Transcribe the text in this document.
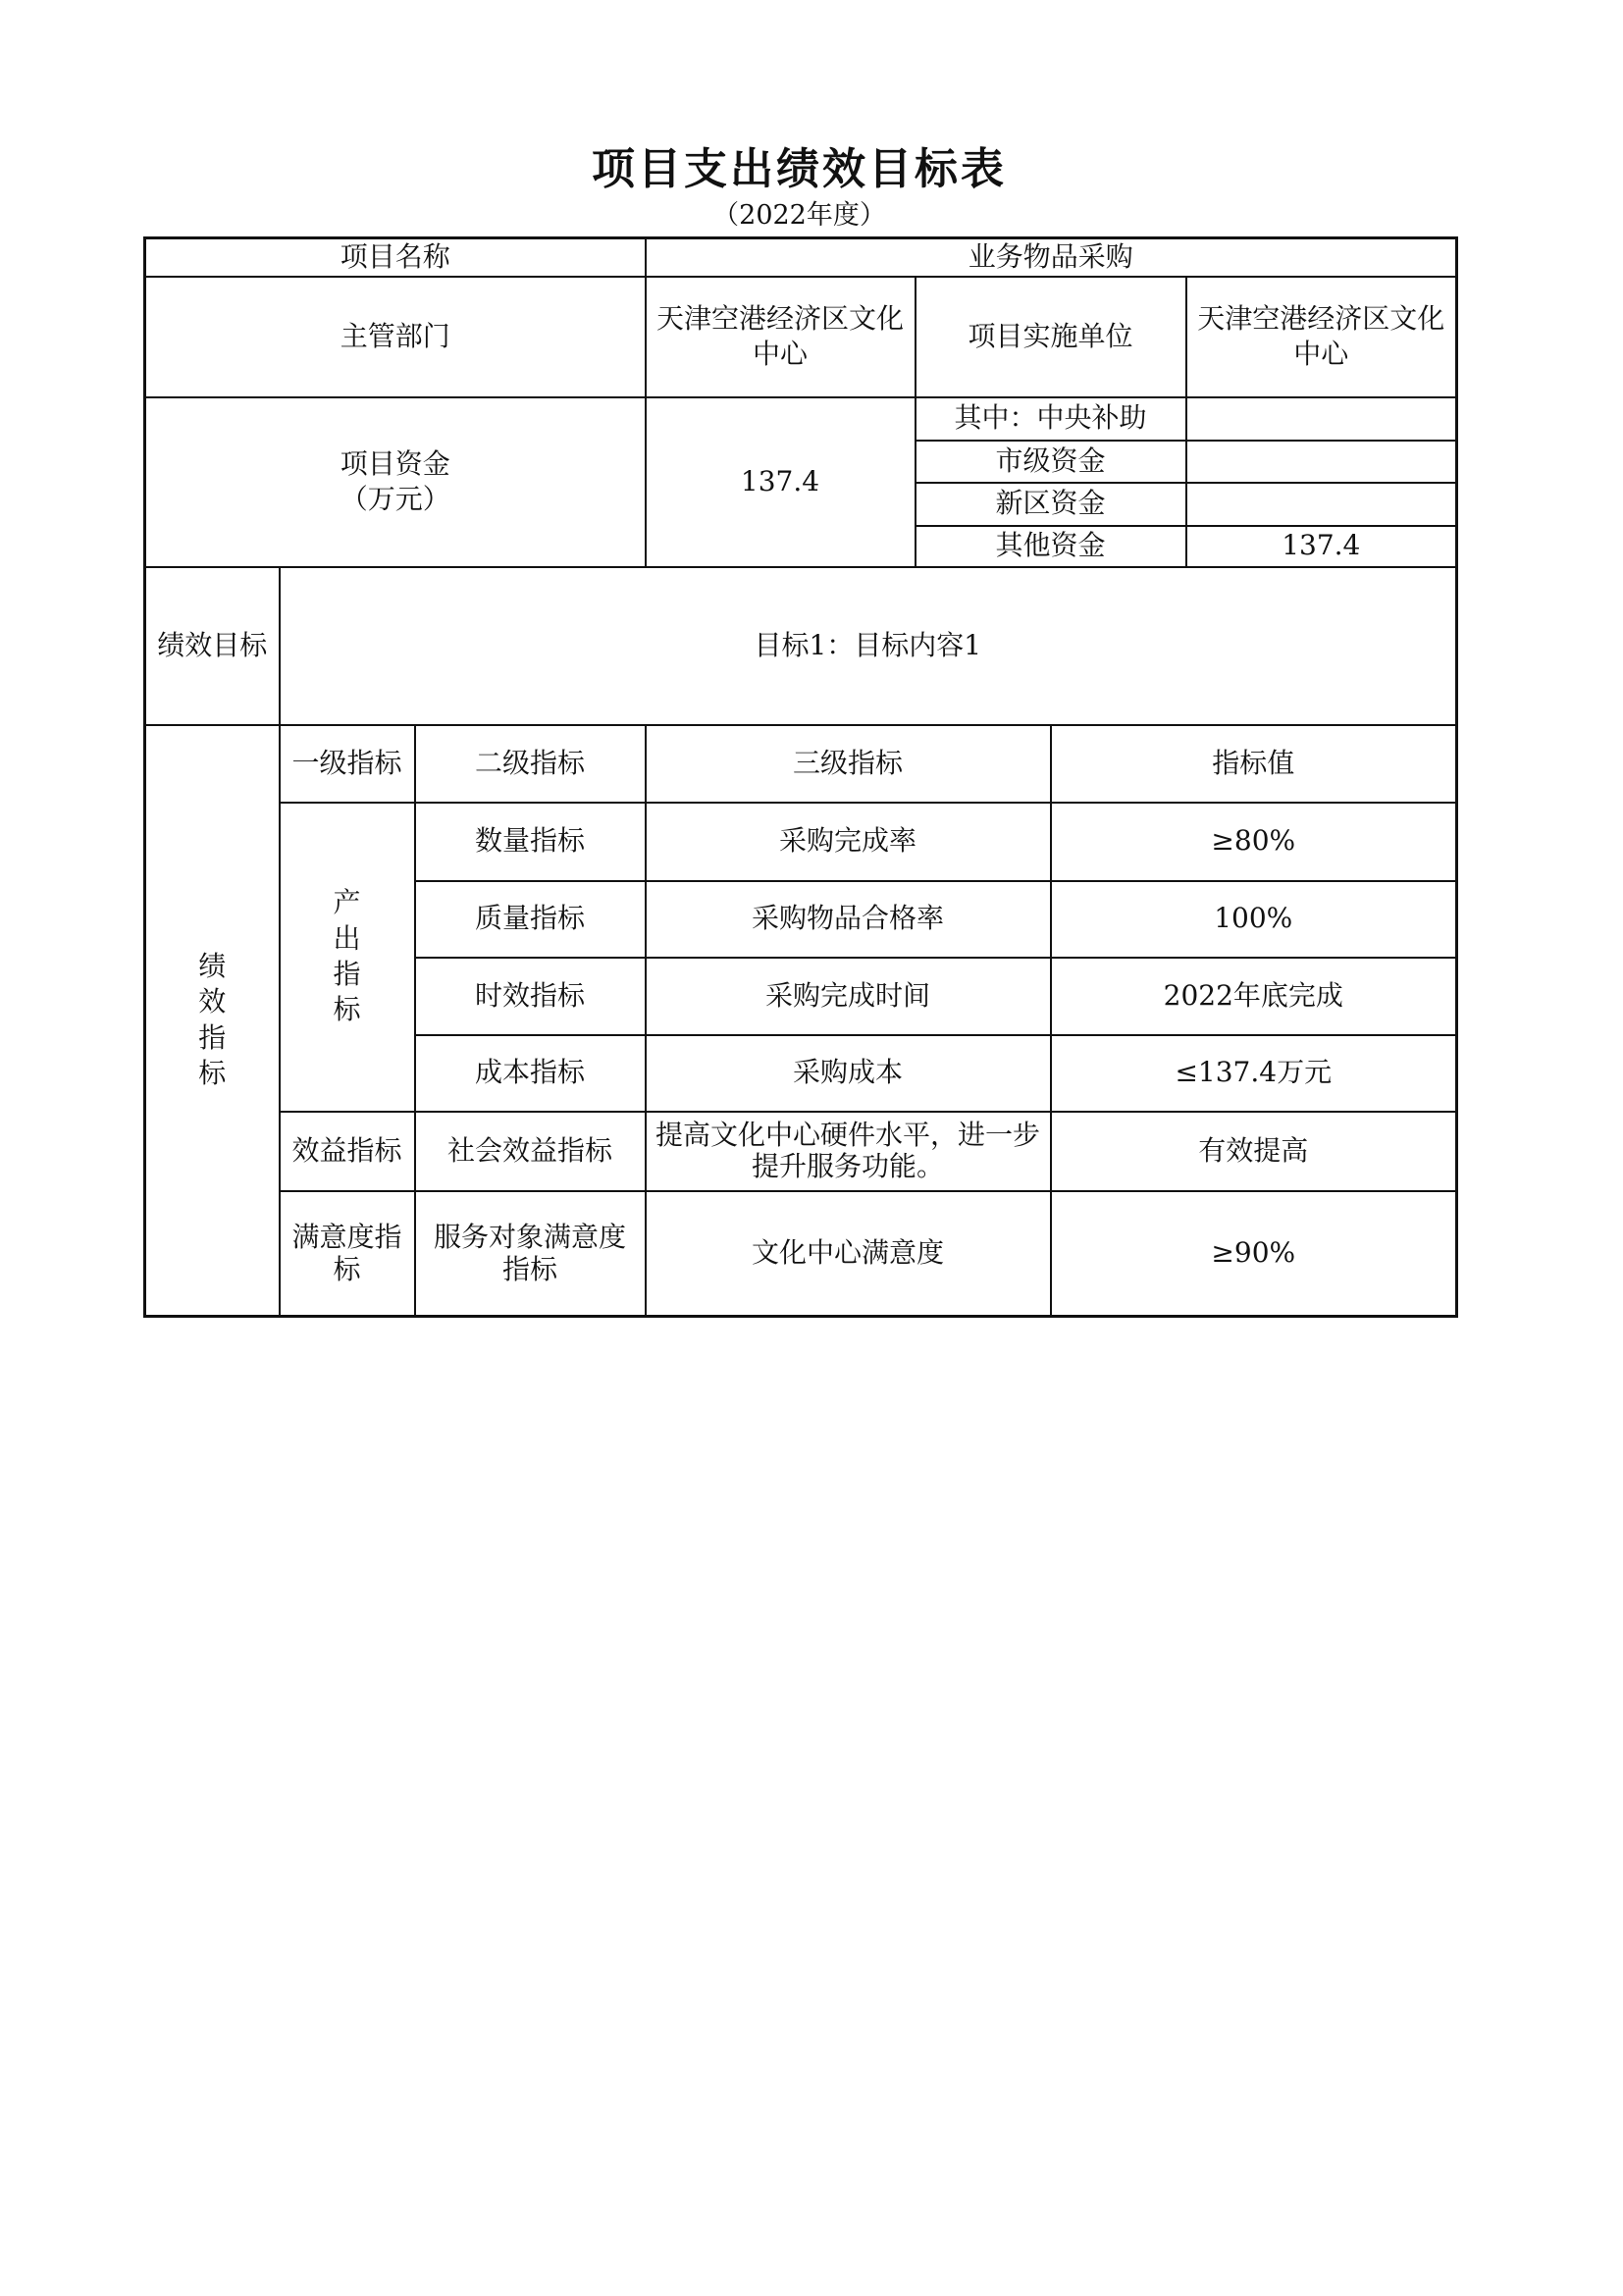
项目支出绩效目标表
（2022年度）
项目名称			业务物品采购			
主管部门			天津空港经济区文化中心	项目实施单位		天津空港经济区文化中心

项目资金
（万元）			137.4	其中：中央补助		
				市级资金		
				新区资金		
				其他资金		137.4
绩效目标	目标1：目标内容1					
绩效指标	一级指标	二级指标	三级指标		指标值	
	产出指标	数量指标	采购完成率		≥80%	
		质量指标	采购物品合格率		100%	
		时效指标	采购完成时间		2022年底完成	
		成本指标	采购成本		≤137.4万元	
	效益指标	社会效益指标	提高文化中心硬件水平，进一步提升服务功能。		有效提高	
	满意度指标	服务对象满意度指标	文化中心满意度		≥90%	
